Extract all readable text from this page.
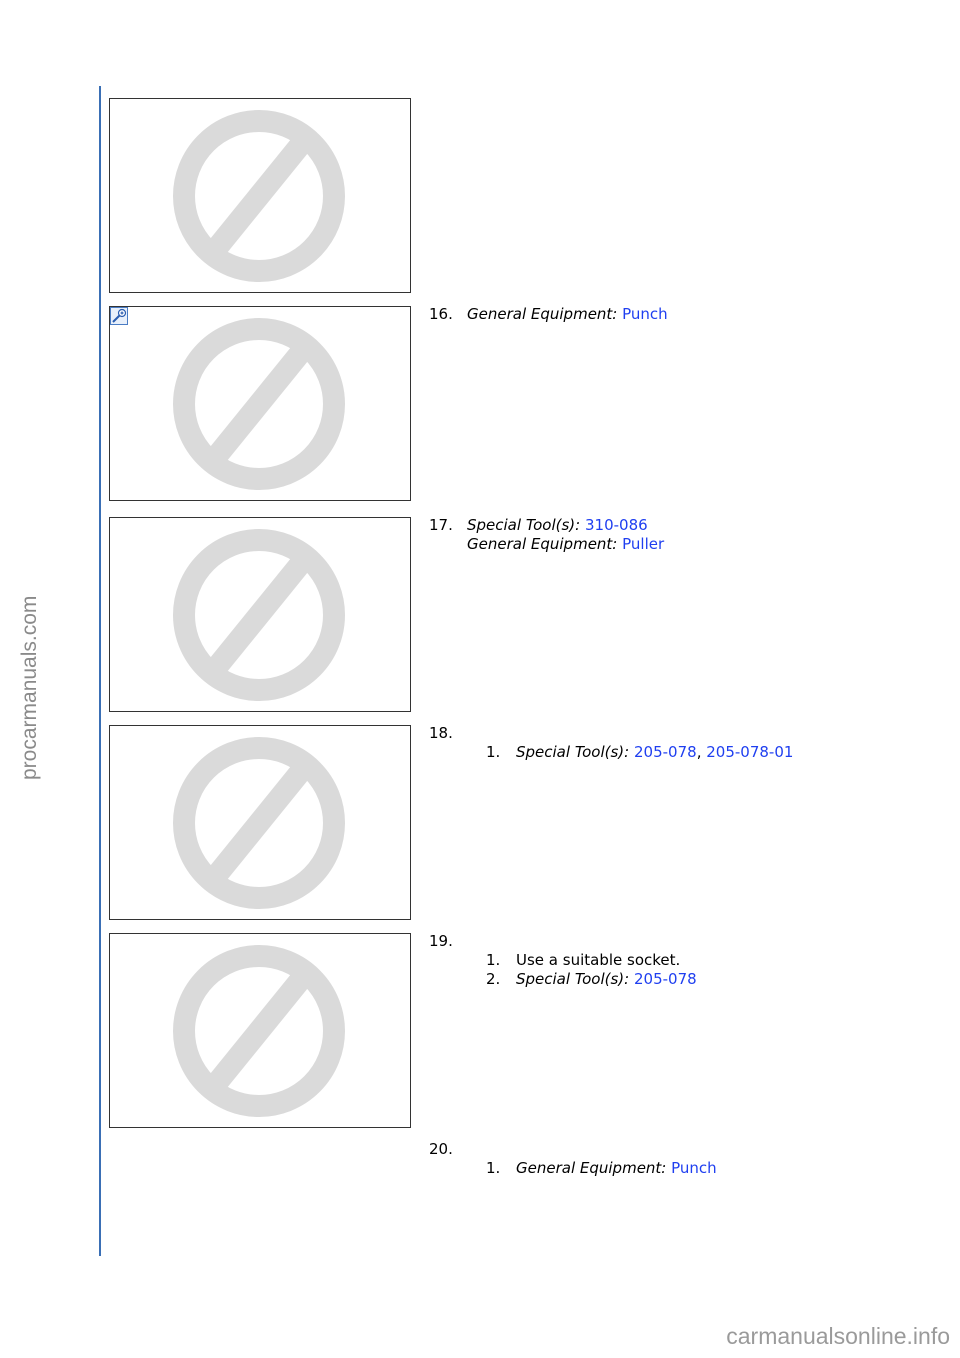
procarmanuals.com
carmanualsonline.info
16. General Equipment: Punch
17. Special Tool(s): 310-086
General Equipment: Puller
18.
1. Special Tool(s): 205-078, 205-078-01
19.
1. Use a suitable socket.
2. Special Tool(s): 205-078
20.
1. General Equipment: Punch
